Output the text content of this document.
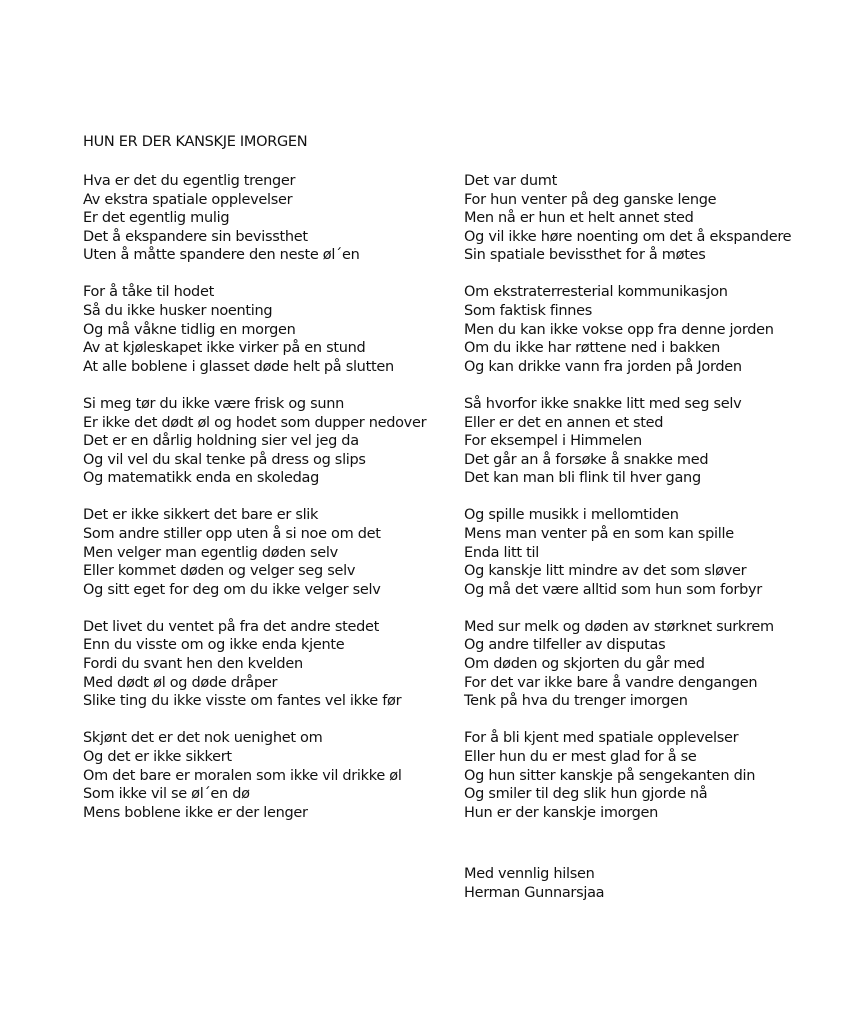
HUN ER DER KANSKJE IMORGEN
Hva er det du egentlig trenger
Av ekstra spatiale opplevelser
Er det egentlig mulig
Det å ekspandere sin bevissthet
Uten å måtte spandere den neste øl´en
For å tåke til hodet
Så du ikke husker noenting
Og må våkne tidlig en morgen
Av at kjøleskapet ikke virker på en stund
At alle boblene i glasset døde helt på slutten
Si meg tør du ikke være frisk og sunn
Er ikke det dødt øl og hodet som dupper nedover
Det er en dårlig holdning sier vel jeg da
Og vil vel du skal tenke på dress og slips
Og matematikk enda en skoledag
Det er ikke sikkert det bare er slik
Som andre stiller opp uten å si noe om det
Men velger man egentlig døden selv
Eller kommet døden og velger seg selv
Og sitt eget for deg om du ikke velger selv
Det livet du ventet på fra det andre stedet
Enn du visste om og ikke enda kjente
Fordi du svant hen den kvelden
Med dødt øl og døde dråper
Slike ting du ikke visste om fantes vel ikke før
Skjønt det er det nok uenighet om
Og det er ikke sikkert
Om det bare er moralen som ikke vil drikke øl
Som ikke vil se øl´en dø
Mens boblene ikke er der lenger
Det var dumt
For hun venter på deg ganske lenge
Men nå er hun et helt annet sted
Og vil ikke høre noenting om det å ekspandere
Sin spatiale bevissthet for å møtes
Om ekstraterresterial kommunikasjon
Som faktisk finnes
Men du kan ikke vokse opp fra denne jorden
Om du ikke har røttene ned i bakken
Og kan drikke vann fra jorden på Jorden
Så hvorfor ikke snakke litt med seg selv
Eller er det en annen et sted
For eksempel i Himmelen
Det går an å forsøke å snakke med
Det kan man bli flink til hver gang
Og spille musikk i mellomtiden
Mens man venter på en som kan spille
Enda litt til
Og kanskje litt mindre av det som sløver
Og må det være alltid som hun som forbyr
Med sur melk og døden av størknet surkrem
Og andre tilfeller av disputas
Om døden og skjorten du går med
For det var ikke bare å vandre dengangen
Tenk på hva du trenger imorgen
For å bli kjent med spatiale opplevelser
Eller hun du er mest glad for å se
Og hun sitter kanskje på sengekanten din
Og smiler til deg slik hun gjorde nå
Hun er der kanskje imorgen
Med vennlig hilsen
Herman Gunnarsjaa
